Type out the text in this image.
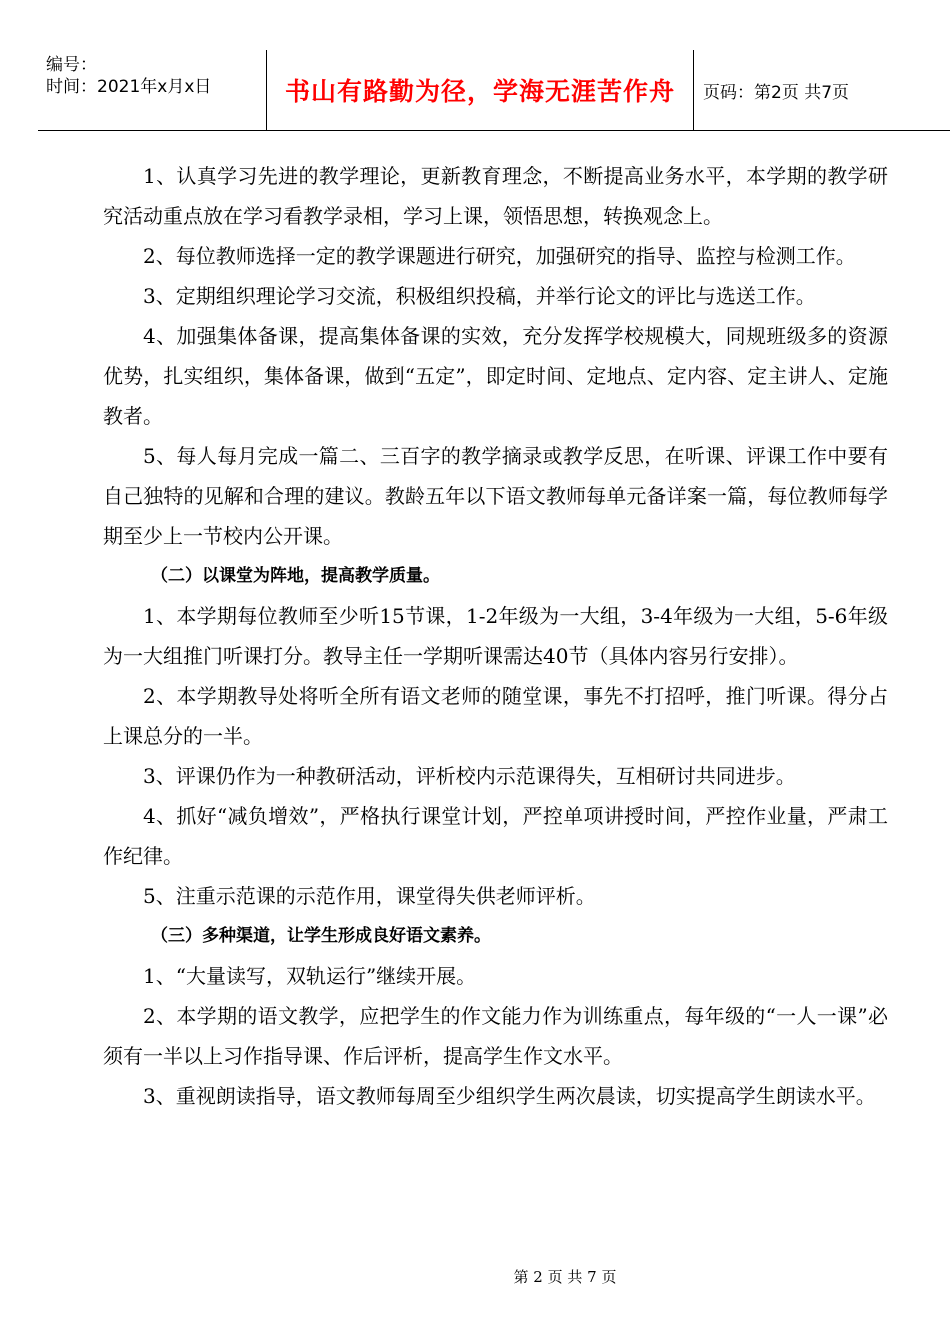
编号：
时间：2021年x月x日	书山有路勤为径，学海无涯苦作舟	页码：第2页 共7页

1、认真学习先进的教学理论，更新教育理念，不断提高业务水平，本学期的教学研究活动重点放在学习看教学录相，学习上课，领悟思想，转换观念上。

2、每位教师选择一定的教学课题进行研究，加强研究的指导、监控与检测工作。

3、定期组织理论学习交流，积极组织投稿，并举行论文的评比与选送工作。

4、加强集体备课，提高集体备课的实效，充分发挥学校规模大，同规班级多的资源优势，扎实组织，集体备课，做到“五定”，即定时间、定地点、定内容、定主讲人、定施教者。

5、每人每月完成一篇二、三百字的教学摘录或教学反思，在听课、评课工作中要有自己独特的见解和合理的建议。教龄五年以下语文教师每单元备详案一篇，每位教师每学期至少上一节校内公开课。

（二）以课堂为阵地，提高教学质量。

1、本学期每位教师至少听15节课，1-2年级为一大组，3-4年级为一大组，5-6年级为一大组推门听课打分。教导主任一学期听课需达40节（具体内容另行安排）。

2、本学期教导处将听全所有语文老师的随堂课，事先不打招呼，推门听课。得分占上课总分的一半。

3、评课仍作为一种教研活动，评析校内示范课得失，互相研讨共同进步。

4、抓好“减负增效”，严格执行课堂计划，严控单项讲授时间，严控作业量，严肃工作纪律。

5、注重示范课的示范作用，课堂得失供老师评析。

（三）多种渠道，让学生形成良好语文素养。

1、“大量读写，双轨运行”继续开展。

2、本学期的语文教学，应把学生的作文能力作为训练重点，每年级的“一人一课”必须有一半以上习作指导课、作后评析，提高学生作文水平。

3、重视朗读指导，语文教师每周至少组织学生两次晨读，切实提高学生朗读水平。

第 2 页 共 7 页
